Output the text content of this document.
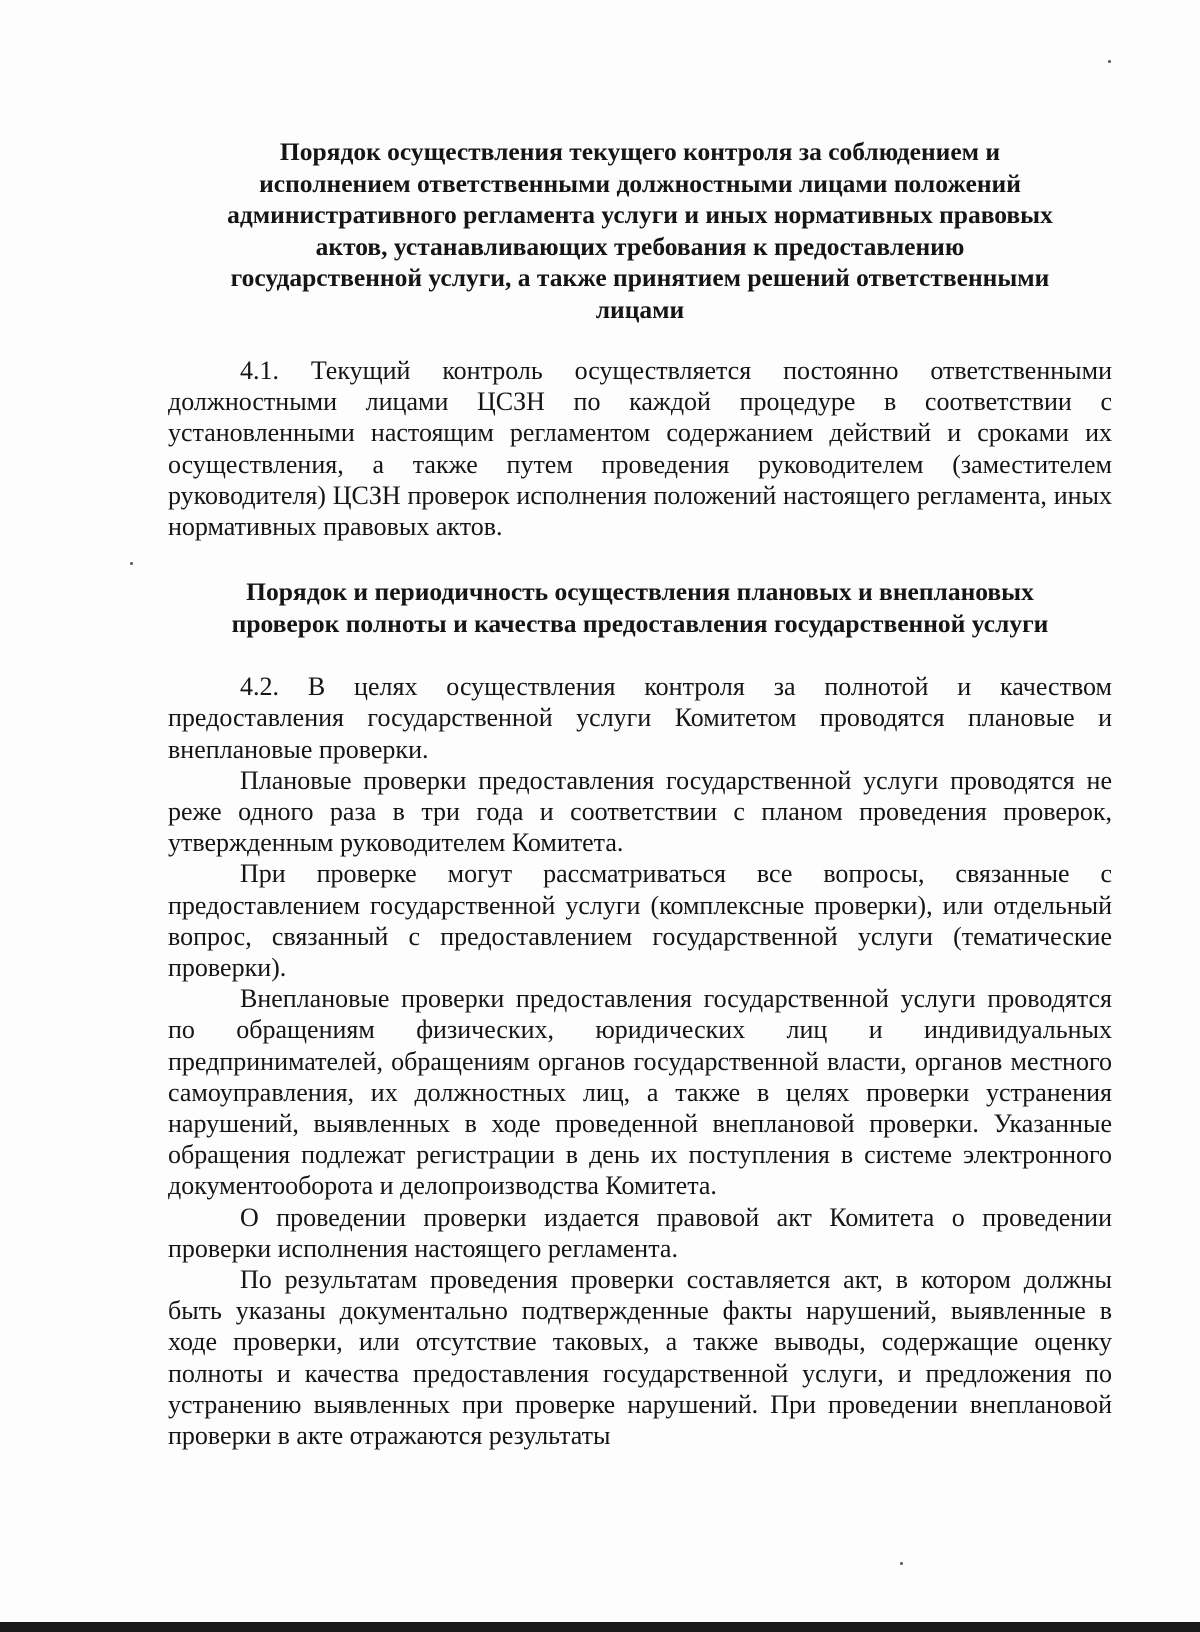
Порядок осуществления текущего контроля за соблюдением и
исполнением ответственными должностными лицами положений
административного регламента услуги и иных нормативных правовых
актов, устанавливающих требования к предоставлению
государственной услуги, а также принятием решений ответственными
лицами

4.1. Текущий контроль осуществляется постоянно ответственными должностными лицами ЦСЗН по каждой процедуре в соответствии с установленными настоящим регламентом содержанием действий и сроками их осуществления, а также путем проведения руководителем (заместителем руководителя) ЦСЗН проверок исполнения положений настоящего регламента, иных нормативных правовых актов.

Порядок и периодичность осуществления плановых и внеплановых
проверок полноты и качества предоставления государственной услуги

4.2. В целях осуществления контроля за полнотой и качеством предоставления государственной услуги Комитетом проводятся плановые и внеплановые проверки.

Плановые проверки предоставления государственной услуги проводятся не реже одного раза в три года и соответствии с планом проведения проверок, утвержденным руководителем Комитета.

При проверке могут рассматриваться все вопросы, связанные с предоставлением государственной услуги (комплексные проверки), или отдельный вопрос, связанный с предоставлением государственной услуги (тематические проверки).

Внеплановые проверки предоставления государственной услуги проводятся по обращениям физических, юридических лиц и индивидуальных предпринимателей, обращениям органов государственной власти, органов местного самоуправления, их должностных лиц, а также в целях проверки устранения нарушений, выявленных в ходе проведенной внеплановой проверки. Указанные обращения подлежат регистрации в день их поступления в системе электронного документооборота и делопроизводства Комитета.

О проведении проверки издается правовой акт Комитета о проведении проверки исполнения настоящего регламента.

По результатам проведения проверки составляется акт, в котором должны быть указаны документально подтвержденные факты нарушений, выявленные в ходе проверки, или отсутствие таковых, а также выводы, содержащие оценку полноты и качества предоставления государственной услуги, и предложения по устранению выявленных при проверке нарушений. При проведении внеплановой проверки в акте отражаются результаты
